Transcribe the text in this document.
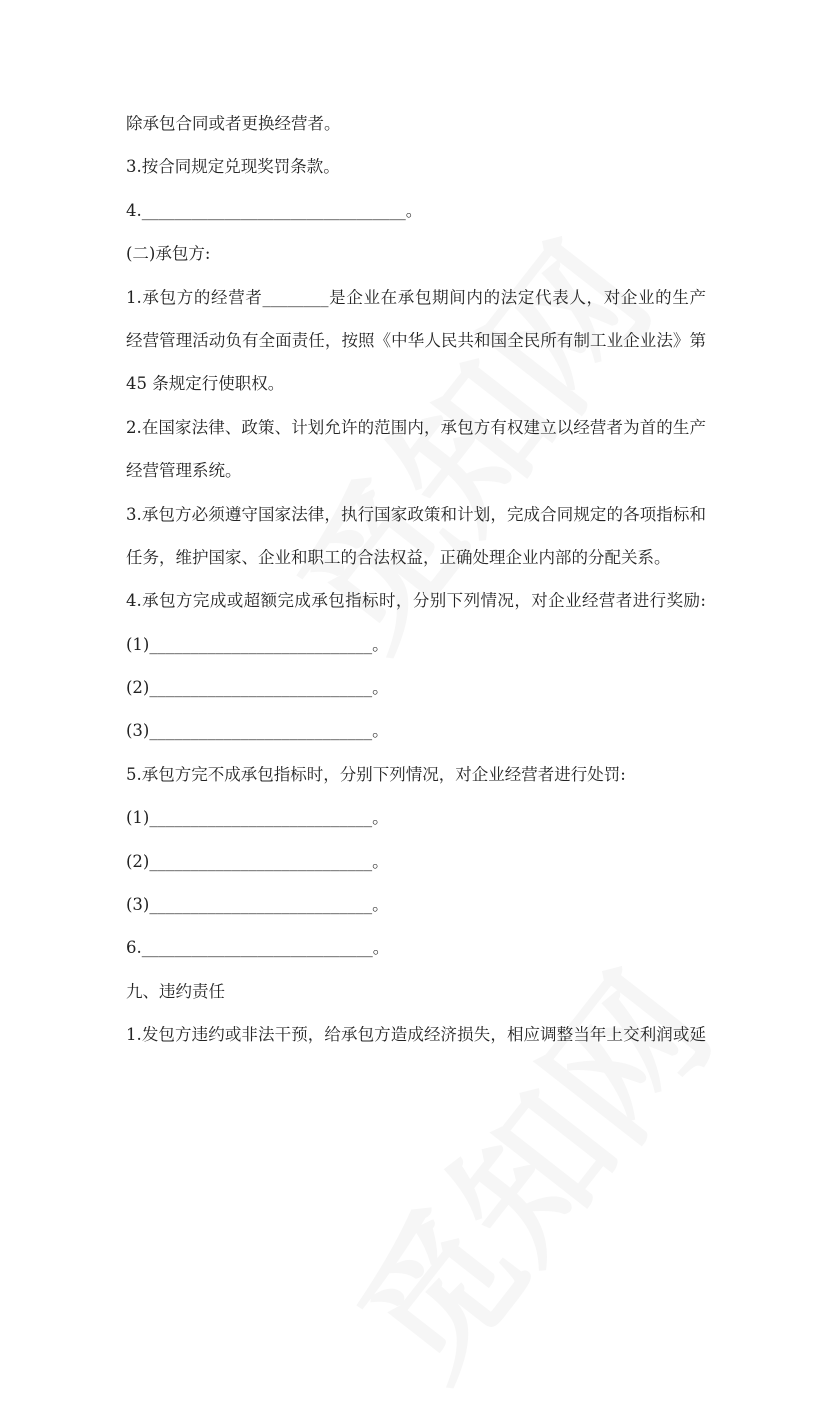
除承包合同或者更换经营者。
3.按合同规定兑现奖罚条款。
4.________________________________。
(二)承包方:
1.承包方的经营者________是企业在承包期间内的法定代表人，对企业的生产
经营管理活动负有全面责任，按照《中华人民共和国全民所有制工业企业法》第
45 条规定行使职权。
2.在国家法律、政策、计划允许的范围内，承包方有权建立以经营者为首的生产
经营管理系统。
3.承包方必须遵守国家法律，执行国家政策和计划，完成合同规定的各项指标和
任务，维护国家、企业和职工的合法权益，正确处理企业内部的分配关系。
4.承包方完成或超额完成承包指标时，分别下列情况，对企业经营者进行奖励:
(1)___________________________。
(2)___________________________。
(3)___________________________。
5.承包方完不成承包指标时，分别下列情况，对企业经营者进行处罚:
(1)___________________________。
(2)___________________________。
(3)___________________________。
6.____________________________。
九、违约责任
1.发包方违约或非法干预，给承包方造成经济损失，相应调整当年上交利润或延
